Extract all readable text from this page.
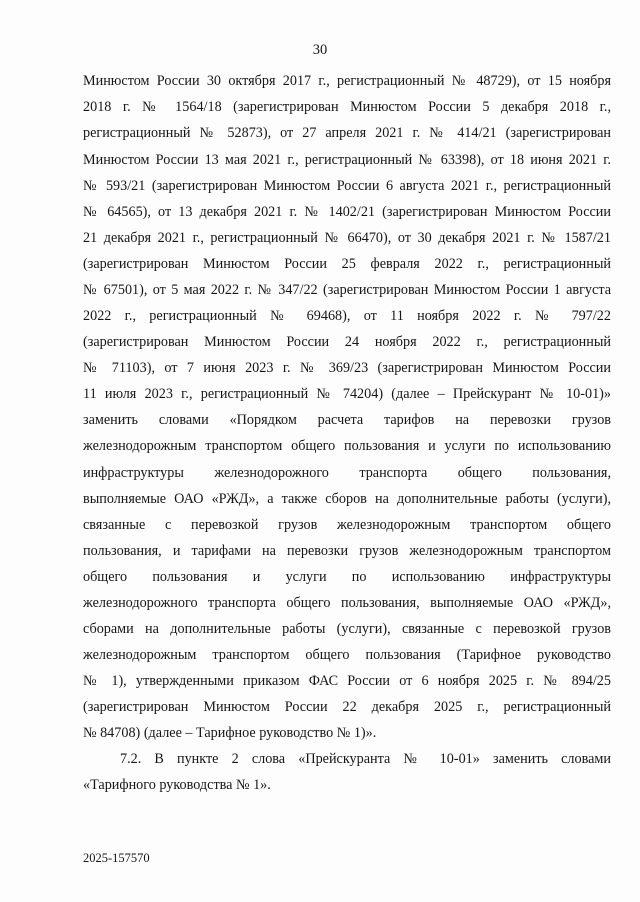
30
Минюстом России 30 октября 2017 г., регистрационный № 48729), от 15 ноября
2018 г. № 1564/18 (зарегистрирован Минюстом России 5 декабря 2018 г.,
регистрационный № 52873), от 27 апреля 2021 г. № 414/21 (зарегистрирован
Минюстом России 13 мая 2021 г., регистрационный № 63398), от 18 июня 2021 г.
№ 593/21 (зарегистрирован Минюстом России 6 августа 2021 г., регистрационный
№ 64565), от 13 декабря 2021 г. № 1402/21 (зарегистрирован Минюстом России
21 декабря 2021 г., регистрационный № 66470), от 30 декабря 2021 г. № 1587/21
(зарегистрирован Минюстом России 25 февраля 2022 г., регистрационный
№ 67501), от 5 мая 2022 г. № 347/22 (зарегистрирован Минюстом России 1 августа
2022 г., регистрационный № 69468), от 11 ноября 2022 г. № 797/22
(зарегистрирован Минюстом России 24 ноября 2022 г., регистрационный
№ 71103), от 7 июня 2023 г. № 369/23 (зарегистрирован Минюстом России
11 июля 2023 г., регистрационный № 74204) (далее – Прейскурант № 10-01)»
заменить словами «Порядком расчета тарифов на перевозки грузов
железнодорожным транспортом общего пользования и услуги по использованию
инфраструктуры железнодорожного транспорта общего пользования,
выполняемые ОАО «РЖД», а также сборов на дополнительные работы (услуги),
связанные с перевозкой грузов железнодорожным транспортом общего
пользования, и тарифами на перевозки грузов железнодорожным транспортом
общего пользования и услуги по использованию инфраструктуры
железнодорожного транспорта общего пользования, выполняемые ОАО «РЖД»,
сборами на дополнительные работы (услуги), связанные с перевозкой грузов
железнодорожным транспортом общего пользования (Тарифное руководство
№ 1), утвержденными приказом ФАС России от 6 ноября 2025 г. № 894/25
(зарегистрирован Минюстом России 22 декабря 2025 г., регистрационный
№ 84708) (далее – Тарифное руководство № 1)».
7.2. В пункте 2 слова «Прейскуранта № 10-01» заменить словами
«Тарифного руководства № 1».
2025-157570
